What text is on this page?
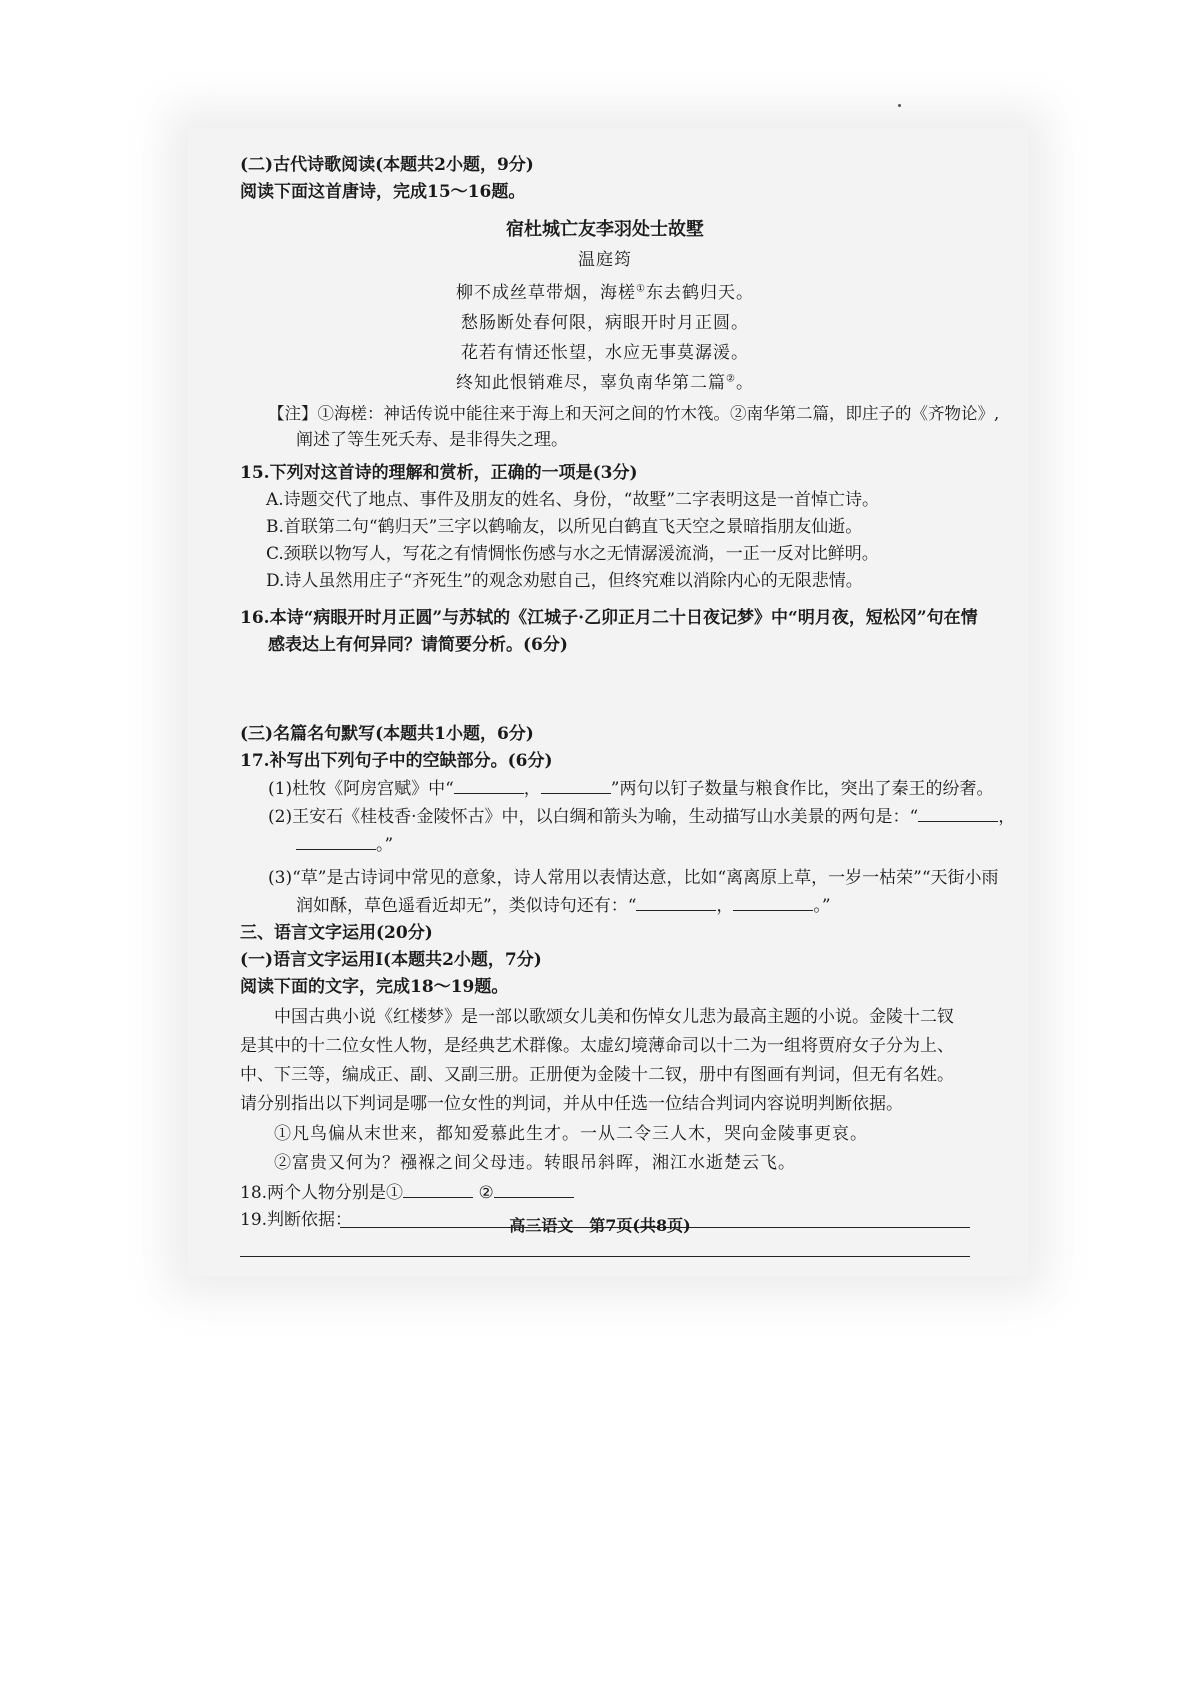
(二)古代诗歌阅读(本题共2小题，9分)
阅读下面这首唐诗，完成15～16题。
宿杜城亡友李羽处士故墅
温庭筠
柳不成丝草带烟，海槎①东去鹤归天。
愁肠断处春何限，病眼开时月正圆。
花若有情还怅望，水应无事莫潺湲。
终知此恨销难尽，辜负南华第二篇②。
【注】①海槎：神话传说中能往来于海上和天河之间的竹木筏。②南华第二篇，即庄子的《齐物论》,
阐述了等生死夭寿、是非得失之理。
15.下列对这首诗的理解和赏析，正确的一项是(3分)
A.诗题交代了地点、事件及朋友的姓名、身份，“故墅”二字表明这是一首悼亡诗。
B.首联第二句“鹤归天”三字以鹤喻友，以所见白鹤直飞天空之景暗指朋友仙逝。
C.颈联以物写人，写花之有情惆怅伤感与水之无情潺湲流淌，一正一反对比鲜明。
D.诗人虽然用庄子“齐死生”的观念劝慰自己，但终究难以消除内心的无限悲情。
16.本诗“病眼开时月正圆”与苏轼的《江城子·乙卯正月二十日夜记梦》中“明月夜，短松冈”句在情
感表达上有何异同？请简要分析。(6分)
(三)名篇名句默写(本题共1小题，6分)
17.补写出下列句子中的空缺部分。(6分)
(1)杜牧《阿房宫赋》中“	，	”两句以钉子数量与粮食作比，突出了秦王的纷奢。
(2)王安石《桂枝香·金陵怀古》中，以白绸和箭头为喻，生动描写山水美景的两句是：“	，
。”
(3)“草”是古诗词中常见的意象，诗人常用以表情达意，比如“离离原上草，一岁一枯荣”“天街小雨
润如酥，草色遥看近却无”，类似诗句还有：“	，	。”
三、语言文字运用(20分)
(一)语言文字运用Ⅰ(本题共2小题，7分)
阅读下面的文字，完成18～19题。
中国古典小说《红楼梦》是一部以歌颂女儿美和伤悼女儿悲为最高主题的小说。金陵十二钗是其中的十二位女性人物，是经典艺术群像。太虚幻境薄命司以十二为一组将贾府女子分为上、中、下三等，编成正、副、又副三册。正册便为金陵十二钗，册中有图画有判词，但无有名姓。请分别指出以下判词是哪一位女性的判词，并从中任选一位结合判词内容说明判断依据。
①凡鸟偏从末世来，都知爱慕此生才。一从二令三人木，哭向金陵事更哀。
②富贵又何为？襁褓之间父母违。转眼吊斜晖，湘江水逝楚云飞。
18.两个人物分别是①	②
19.判断依据：	高三语文　第7页(共8页)
